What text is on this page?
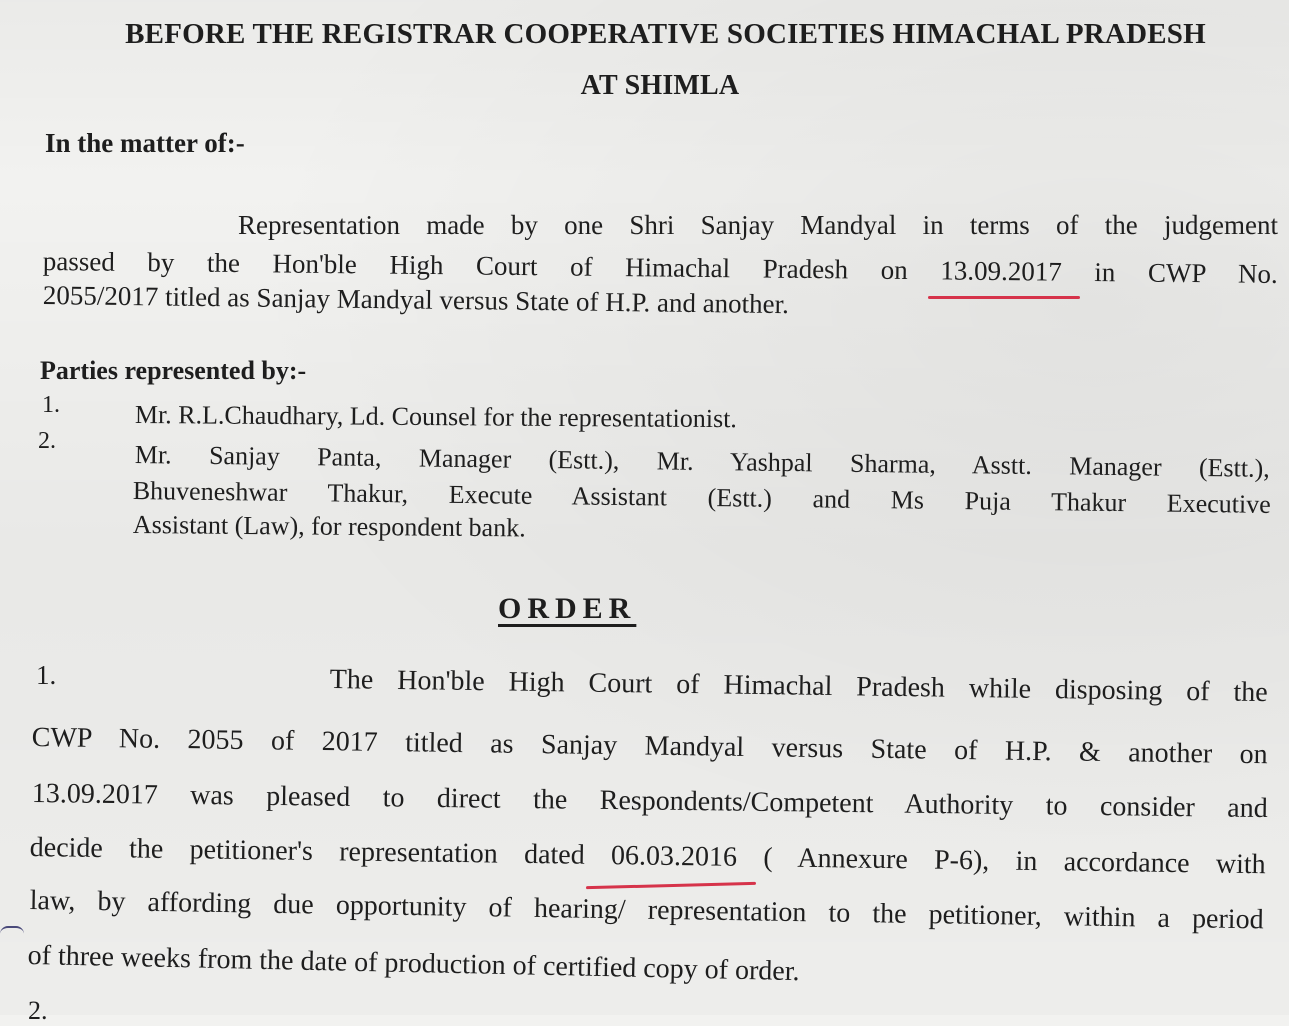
BEFORE THE REGISTRAR COOPERATIVE SOCIETIES HIMACHAL PRADESH
AT SHIMLA
In the matter of:-
Representation made by one Shri Sanjay Mandyal in terms of the judgement
passed by the Hon'ble High Court of Himachal Pradesh on 13.09.2017 in CWP No.
2055/2017 titled as Sanjay Mandyal versus State of H.P. and another.
Parties represented by:-
1.	Mr. R.L.Chaudhary, Ld. Counsel for the representationist.
2.	Mr. Sanjay Panta, Manager (Estt.), Mr. Yashpal Sharma, Asstt. Manager (Estt.),
Bhuveneshwar Thakur, Execute Assistant (Estt.) and Ms Puja Thakur Executive
Assistant (Law), for respondent bank.
ORDER
1.	The Hon'ble High Court of Himachal Pradesh while disposing of the
CWP No. 2055 of 2017 titled as Sanjay Mandyal versus State of H.P. & another on
13.09.2017 was pleased to direct the Respondents/Competent Authority to consider and
decide the petitioner's representation dated 06.03.2016 ( Annexure P-6), in accordance with
law, by affording due opportunity of hearing/ representation to the petitioner, within a period
of three weeks from the date of production of certified copy of order.
2.
